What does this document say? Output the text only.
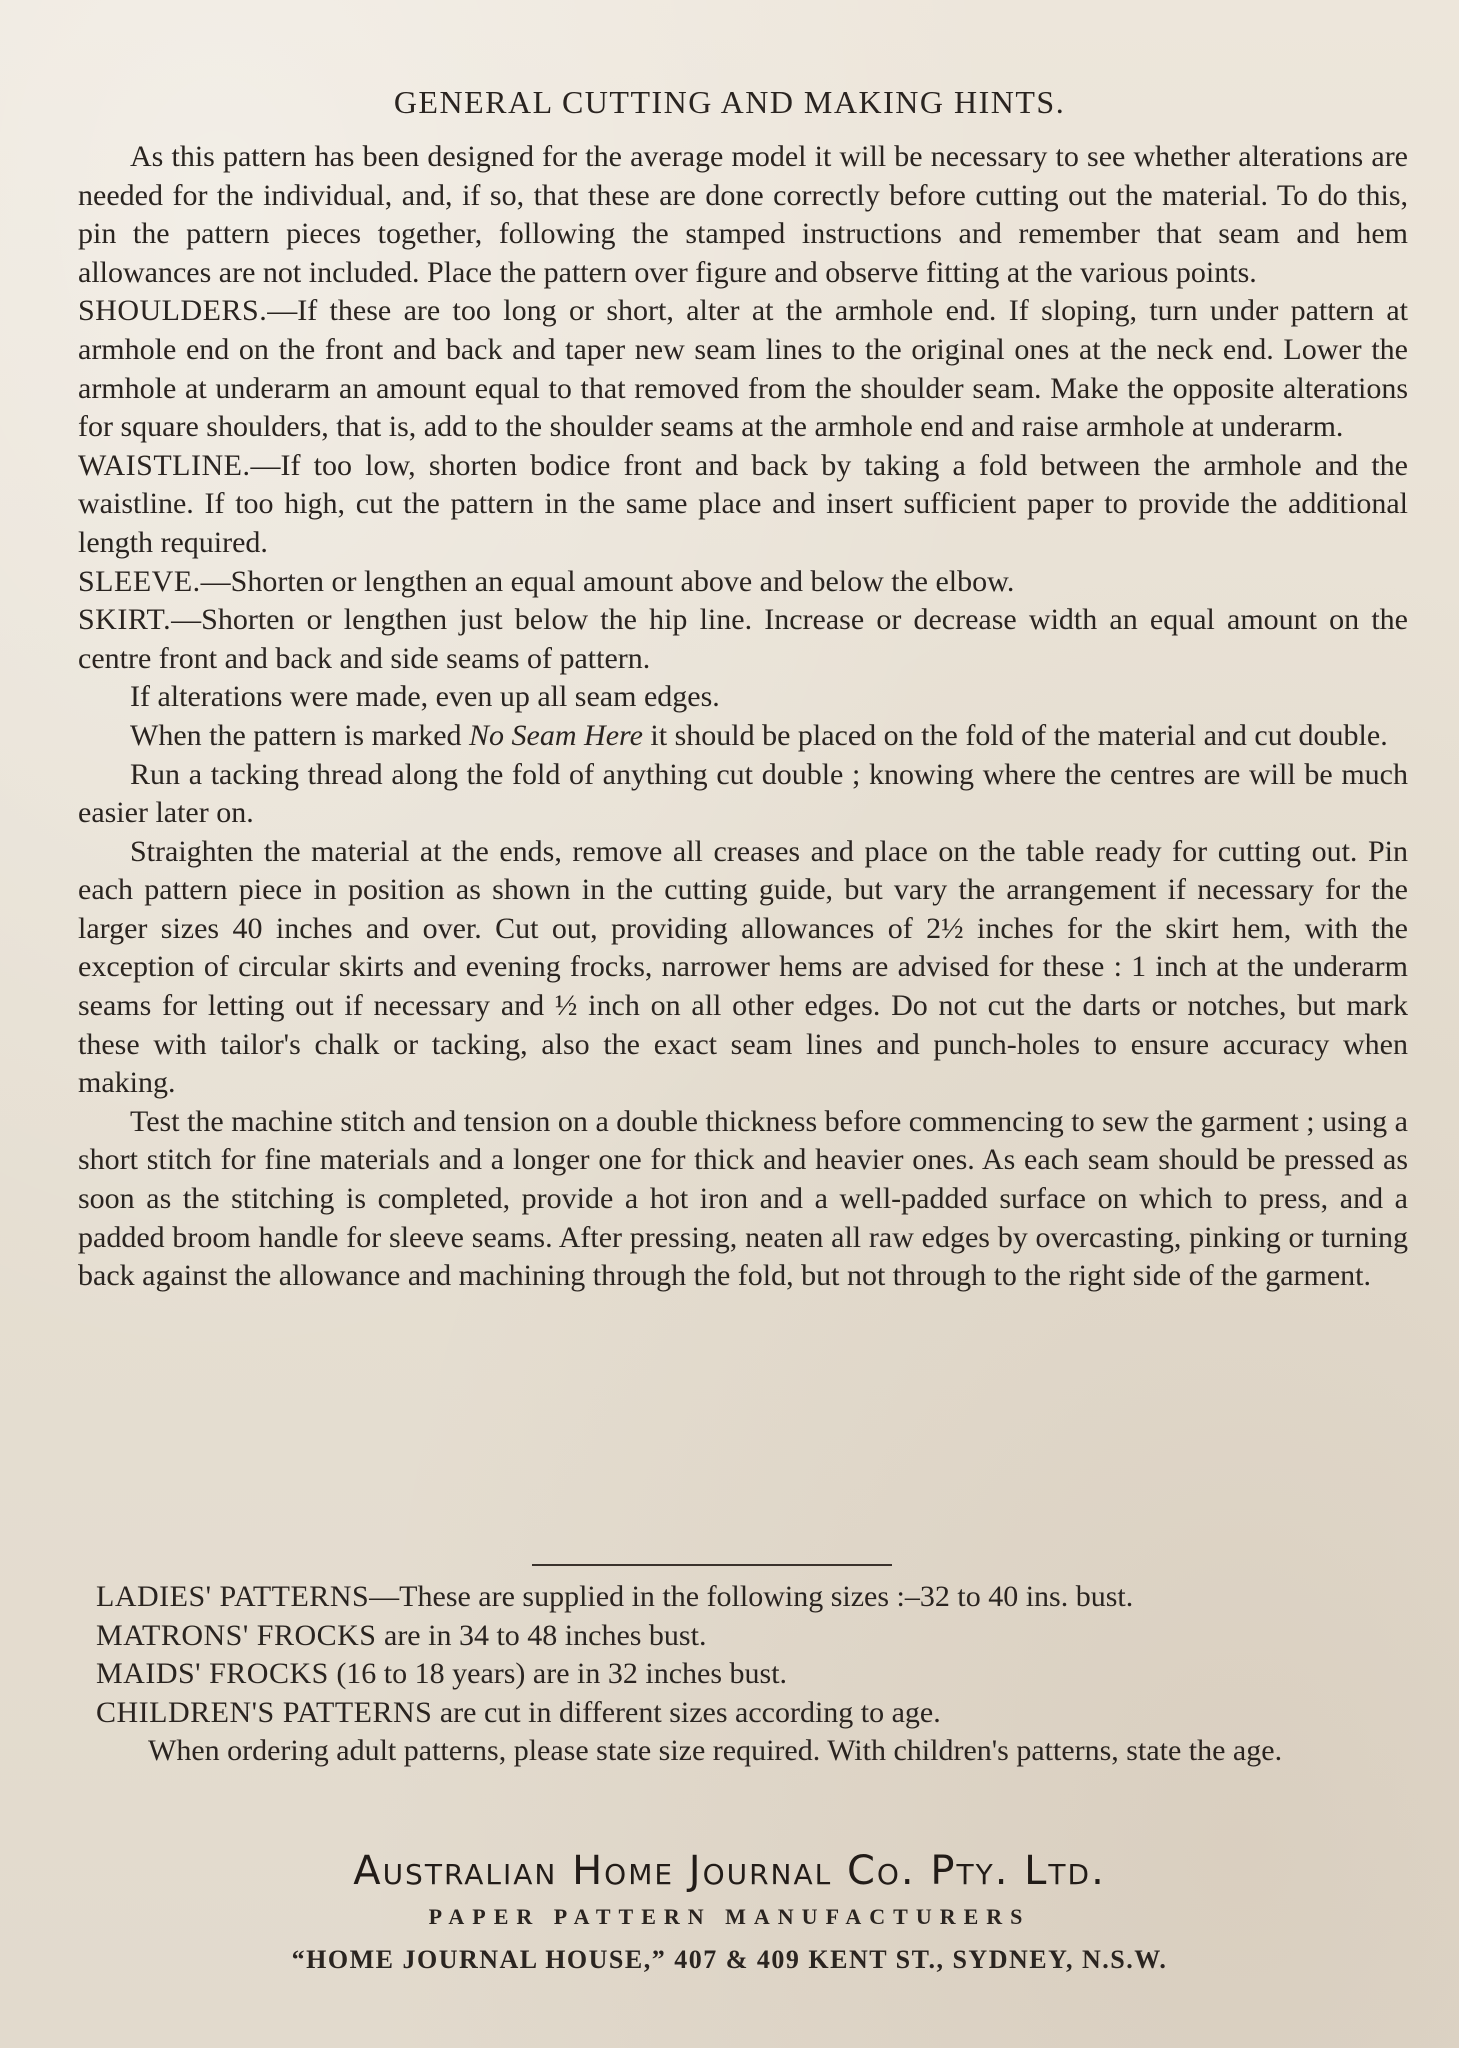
GENERAL CUTTING AND MAKING HINTS.

As this pattern has been designed for the average model it will be necessary to see whether alterations are needed for the individual, and, if so, that these are done correctly before cutting out the material. To do this, pin the pattern pieces together, following the stamped instructions and remember that seam and hem allowances are not included. Place the pattern over figure and observe fitting at the various points.

SHOULDERS.—If these are too long or short, alter at the armhole end. If sloping, turn under pattern at armhole end on the front and back and taper new seam lines to the original ones at the neck end. Lower the armhole at underarm an amount equal to that removed from the shoulder seam. Make the opposite alterations for square shoulders, that is, add to the shoulder seams at the armhole end and raise armhole at underarm.

WAISTLINE.—If too low, shorten bodice front and back by taking a fold between the armhole and the waistline. If too high, cut the pattern in the same place and insert sufficient paper to provide the additional length required.

SLEEVE.—Shorten or lengthen an equal amount above and below the elbow.

SKIRT.—Shorten or lengthen just below the hip line. Increase or decrease width an equal amount on the centre front and back and side seams of pattern.

If alterations were made, even up all seam edges.

When the pattern is marked No Seam Here it should be placed on the fold of the material and cut double.

Run a tacking thread along the fold of anything cut double ; knowing where the centres are will be much easier later on.

Straighten the material at the ends, remove all creases and place on the table ready for cutting out. Pin each pattern piece in position as shown in the cutting guide, but vary the arrangement if necessary for the larger sizes 40 inches and over. Cut out, providing allowances of 2½ inches for the skirt hem, with the exception of circular skirts and evening frocks, narrower hems are advised for these : 1 inch at the underarm seams for letting out if necessary and ½ inch on all other edges. Do not cut the darts or notches, but mark these with tailor's chalk or tacking, also the exact seam lines and punch-holes to ensure accuracy when making.

Test the machine stitch and tension on a double thickness before commencing to sew the garment ; using a short stitch for fine materials and a longer one for thick and heavier ones. As each seam should be pressed as soon as the stitching is completed, provide a hot iron and a well-padded surface on which to press, and a padded broom handle for sleeve seams. After pressing, neaten all raw edges by overcasting, pinking or turning back against the allowance and machining through the fold, but not through to the right side of the garment.

LADIES' PATTERNS—These are supplied in the following sizes :–32 to 40 ins. bust.

MATRONS' FROCKS are in 34 to 48 inches bust.

MAIDS' FROCKS (16 to 18 years) are in 32 inches bust.

CHILDREN'S PATTERNS are cut in different sizes according to age.

When ordering adult patterns, please state size required. With children's patterns, state the age.

Australian Home Journal Co. Pty. Ltd.
PAPER PATTERN MANUFACTURERS
“HOME JOURNAL HOUSE,” 407 & 409 KENT ST., SYDNEY, N.S.W.
